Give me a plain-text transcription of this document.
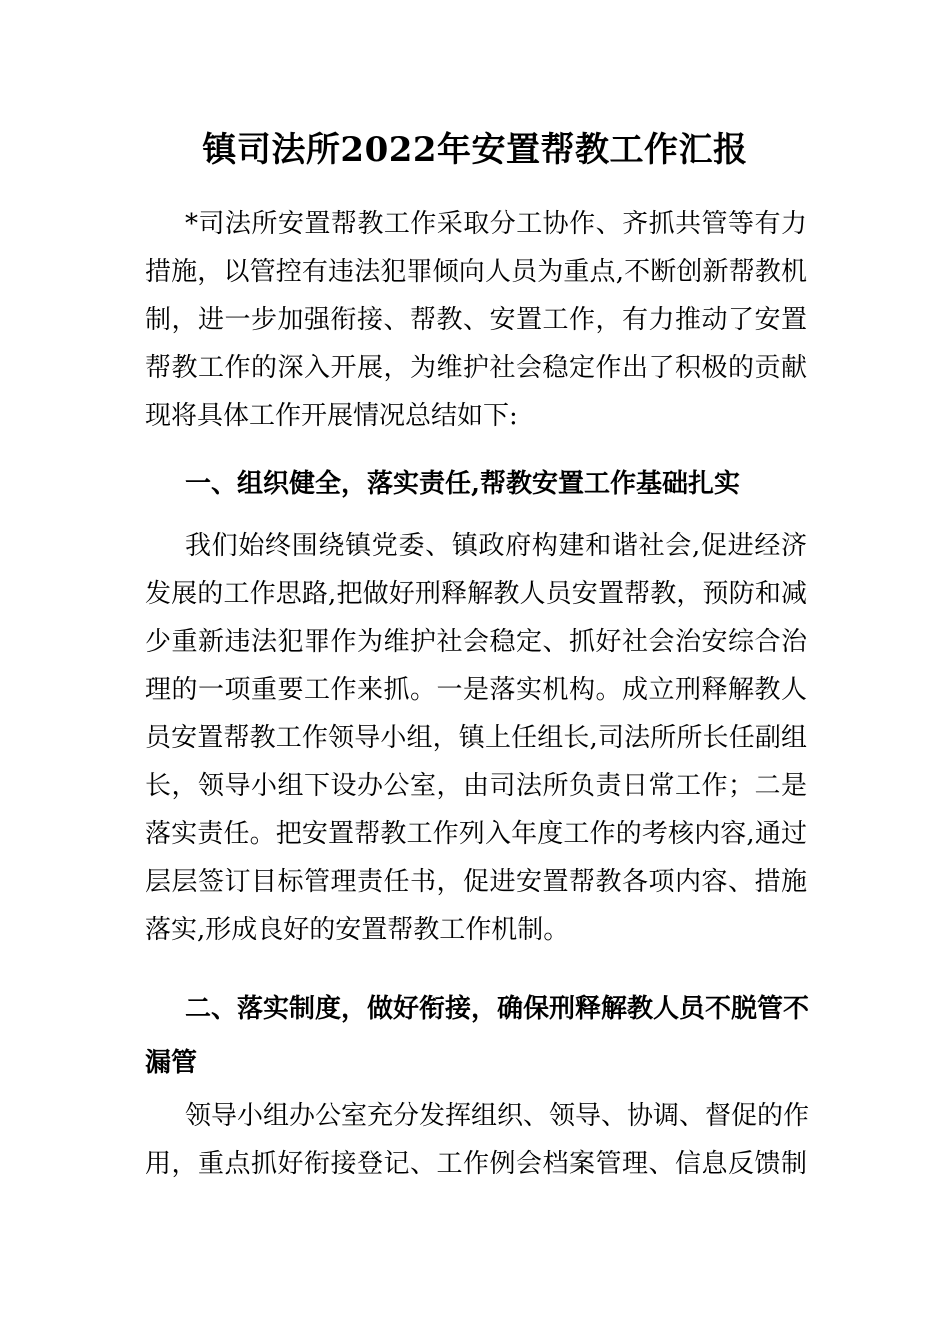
镇司法所2022年安置帮教工作汇报
*司法所安置帮教工作采取分工协作、齐抓共管等有力
措施，以管控有违法犯罪倾向人员为重点,不断创新帮教机
制，进一步加强衔接、帮教、安置工作，有力推动了安置
帮教工作的深入开展，为维护社会稳定作出了积极的贡献
现将具体工作开展情况总结如下:
一、组织健全，落实责任,帮教安置工作基础扎实
我们始终围绕镇党委、镇政府构建和谐社会,促进经济
发展的工作思路,把做好刑释解教人员安置帮教，预防和减
少重新违法犯罪作为维护社会稳定、抓好社会治安综合治
理的一项重要工作来抓。一是落实机构。成立刑释解教人
员安置帮教工作领导小组，镇上任组长,司法所所长任副组
长，领导小组下设办公室，由司法所负责日常工作；二是
落实责任。把安置帮教工作列入年度工作的考核内容,通过
层层签订目标管理责任书，促进安置帮教各项内容、措施
落实,形成良好的安置帮教工作机制。
二、落实制度，做好衔接，确保刑释解教人员不脱管不
漏管
领导小组办公室充分发挥组织、领导、协调、督促的作
用，重点抓好衔接登记、工作例会档案管理、信息反馈制
